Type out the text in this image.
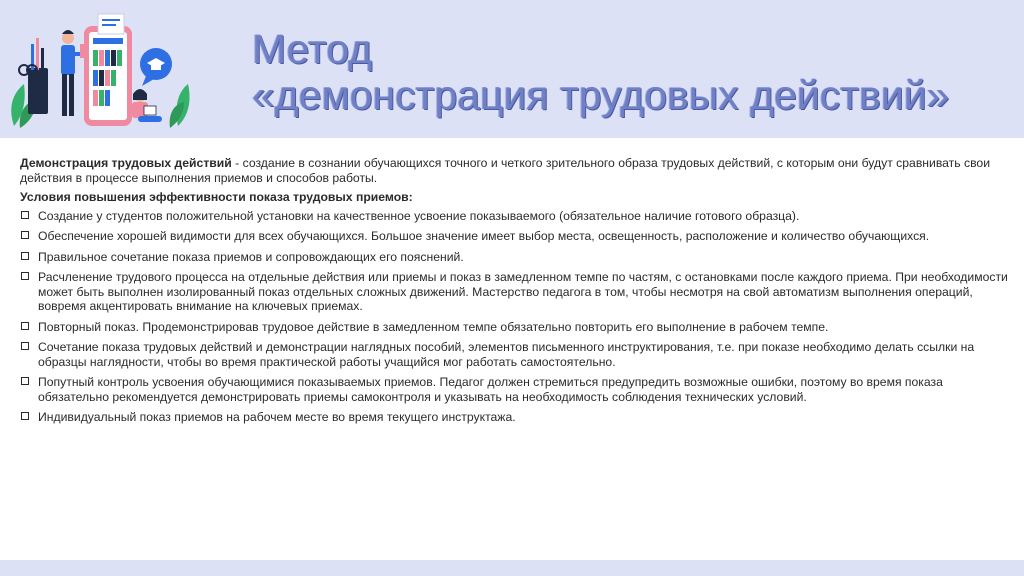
Метод
«демонстрация трудовых действий»

Демонстрация трудовых действий - создание в сознании обучающихся точного и четкого зрительного образа трудовых действий, с которым они будут сравнивать свои действия в процессе выполнения приемов и способов работы.

Условия повышения эффективности показа трудовых приемов:

Создание у студентов положительной установки на качественное усвоение показываемого (обязательное наличие готового образца).
Обеспечение хорошей видимости для всех обучающихся. Большое значение имеет выбор места, освещенность, расположение и количество обучающихся.
Правильное сочетание показа приемов и сопровождающих его пояснений.
Расчленение трудового процесса на отдельные действия или приемы и показ в замедленном темпе по частям, с остановками после каждого приема. При необходимости может быть выполнен изолированный показ отдельных сложных движений. Мастерство педагога в том, чтобы несмотря на свой автоматизм выполнения операций, вовремя акцентировать внимание на ключевых приемах.
Повторный показ. Продемонстрировав трудовое действие в замедленном темпе обязательно повторить его выполнение в рабочем темпе.
Сочетание показа трудовых действий и демонстрации наглядных пособий, элементов письменного инструктирования, т.е. при показе необходимо делать ссылки на образцы наглядности, чтобы во время практической работы учащийся мог работать самостоятельно.
Попутный контроль усвоения обучающимися показываемых приемов. Педагог должен стремиться предупредить возможные ошибки, поэтому во время показа обязательно рекомендуется демонстрировать приемы самоконтроля и указывать на необходимость соблюдения технических условий.
Индивидуальный показ приемов на рабочем месте во время текущего инструктажа.
